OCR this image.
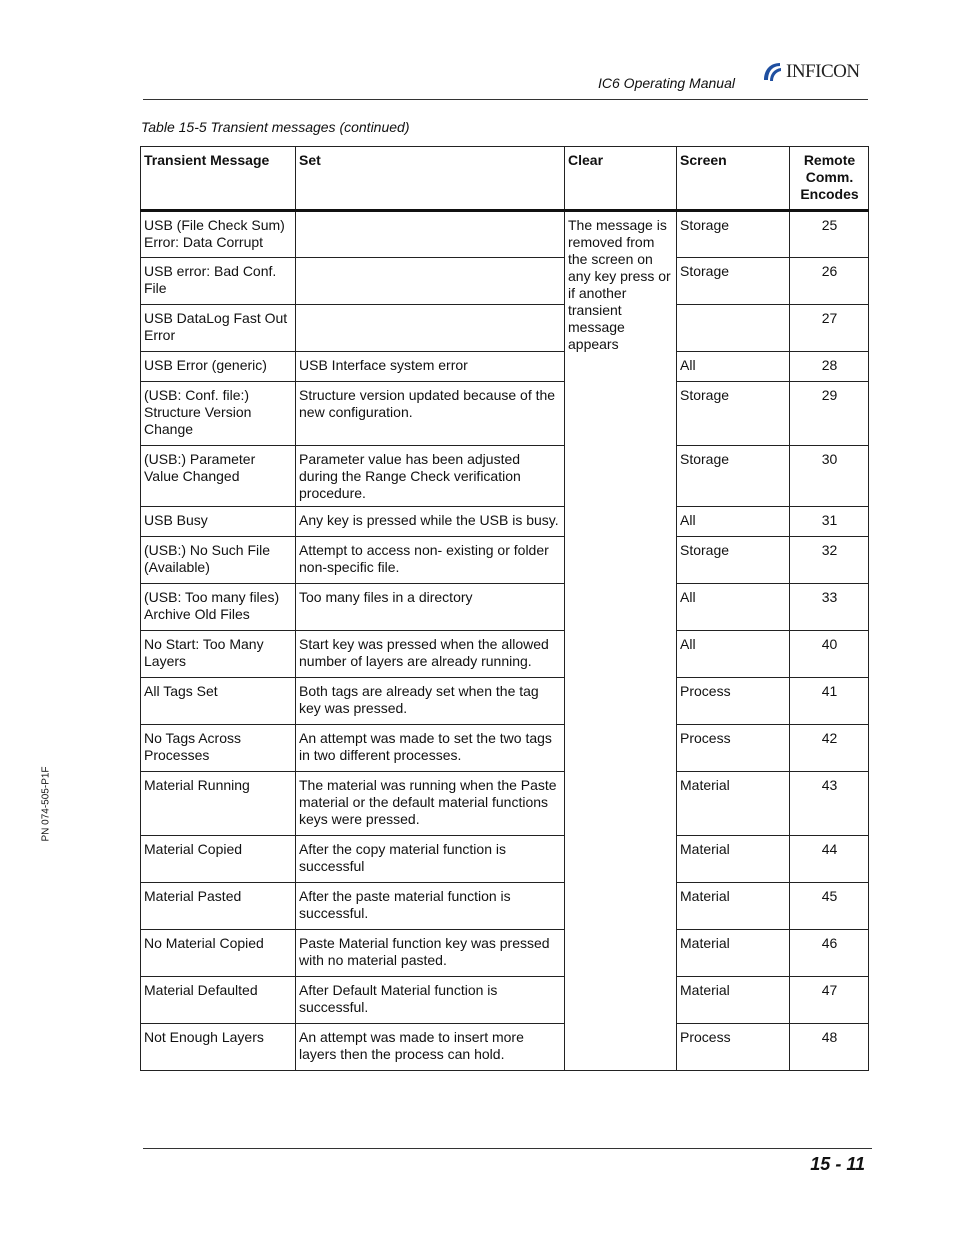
IC6 Operating Manual
INFICON
Table 15-5 Transient messages (continued)
Transient Message	Set	Clear	Screen	Remote Comm. Encodes
USB (File Check Sum) Error: Data Corrupt		The message is removed from the screen on any key press or if another transient message appears	Storage	25
USB error: Bad Conf. File			Storage	26
USB DataLog Fast Out Error				27
USB Error (generic)	USB Interface system error		All	28
(USB: Conf. file:) Structure Version Change	Structure version updated because of the new configuration.		Storage	29
(USB:) Parameter Value Changed	Parameter value has been adjusted during the Range Check verification procedure.		Storage	30
USB Busy	Any key is pressed while the USB is busy.		All	31
(USB:) No Such File (Available)	Attempt to access non- existing or folder non-specific file.		Storage	32
(USB: Too many files) Archive Old Files	Too many files in a directory		All	33
No Start: Too Many Layers	Start key was pressed when the allowed number of layers are already running.		All	40
All Tags Set	Both tags are already set when the tag key was pressed.		Process	41
No Tags Across Processes	An attempt was made to set the two tags in two different processes.		Process	42
Material Running	The material was running when the Paste material or the default material functions keys were pressed.		Material	43
Material Copied	After the copy material function is successful		Material	44
Material Pasted	After the paste material function is successful.		Material	45
No Material Copied	Paste Material function key was pressed with no material pasted.		Material	46
Material Defaulted	After Default Material function is successful.		Material	47
Not Enough Layers	An attempt was made to insert more layers then the process can hold.		Process	48
PN 074-505-P1F
15 - 11
